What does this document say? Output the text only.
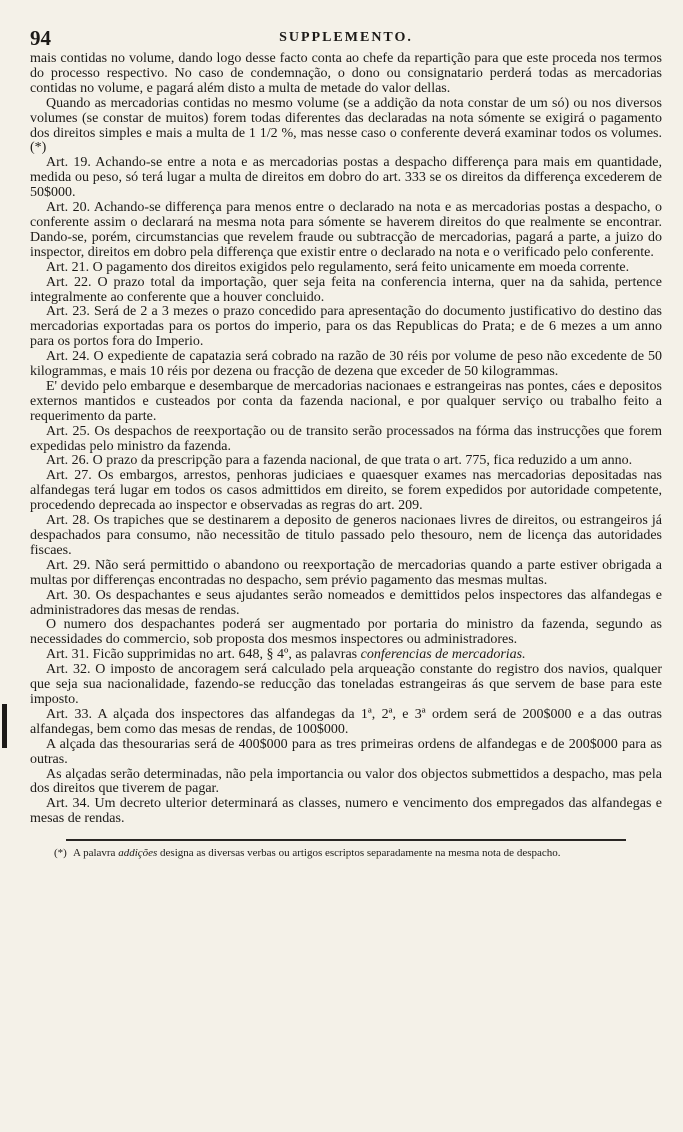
94	SUPPLEMENTO.

mais contidas no volume, dando logo desse facto conta ao chefe da repartição para que este proceda nos termos do processo respectivo. No caso de condemnação, o dono ou consignatario perderá todas as mercadorias contidas no volume, e pagará além disto a multa de metade do valor dellas.

Quando as mercadorias contidas no mesmo volume (se a addição da nota constar de um só) ou nos diversos volumes (se constar de muitos) forem todas diferentes das declaradas na nota sómente se exigirá o pagamento dos direitos simples e mais a multa de 1 1/2 %, mas nesse caso o conferente deverá examinar todos os volumes. (*)

Art. 19. Achando-se entre a nota e as mercadorias postas a despacho differença para mais em quantidade, medida ou peso, só terá lugar a multa de direitos em dobro do art. 333 se os direitos da differença excederem de 50$000.

Art. 20. Achando-se differença para menos entre o declarado na nota e as mercadorias postas a despacho, o conferente assim o declarará na mesma nota para sómente se haverem direitos do que realmente se encontrar. Dando-se, porém, circumstancias que revelem fraude ou subtracção de mercadorias, pagará a parte, a juizo do inspector, direitos em dobro pela differença que existir entre o declarado na nota e o verificado pelo conferente.

Art. 21. O pagamento dos direitos exigidos pelo regulamento, será feito unicamente em moeda corrente.

Art. 22. O prazo total da importação, quer seja feita na conferencia interna, quer na da sahida, pertence integralmente ao conferente que a houver concluido.

Art. 23. Será de 2 a 3 mezes o prazo concedido para apresentação do documento justificativo do destino das mercadorias exportadas para os portos do imperio, para os das Republicas do Prata; e de 6 mezes a um anno para os portos fora do Imperio.

Art. 24. O expediente de capatazia será cobrado na razão de 30 réis por volume de peso não excedente de 50 kilogrammas, e mais 10 réis por dezena ou fracção de dezena que exceder de 50 kilogrammas.

E' devido pelo embarque e desembarque de mercadorias nacionaes e estrangeiras nas pontes, cáes e depositos externos mantidos e custeados por conta da fazenda nacional, e por qualquer serviço ou trabalho feito a requerimento da parte.

Art. 25. Os despachos de reexportação ou de transito serão processados na fórma das instrucções que forem expedidas pelo ministro da fazenda.

Art. 26. O prazo da prescripção para a fazenda nacional, de que trata o art. 775, fica reduzido a um anno.

Art. 27. Os embargos, arrestos, penhoras judiciaes e quaesquer exames nas mercadorias depositadas nas alfandegas terá lugar em todos os casos admittidos em direito, se forem expedidos por autoridade competente, procedendo deprecada ao inspector e observadas as regras do art. 209.

Art. 28. Os trapiches que se destinarem a deposito de generos nacionaes livres de direitos, ou estrangeiros já despachados para consumo, não necessitão de titulo passado pelo thesouro, nem de licença das autoridades fiscaes.

Art. 29. Não será permittido o abandono ou reexportação de mercadorias quando a parte estiver obrigada a multas por differenças encontradas no despacho, sem prévio pagamento das mesmas multas.

Art. 30. Os despachantes e seus ajudantes serão nomeados e demittidos pelos inspectores das alfandegas e administradores das mesas de rendas.

O numero dos despachantes poderá ser augmentado por portaria do ministro da fazenda, segundo as necessidades do commercio, sob proposta dos mesmos inspectores ou administradores.

Art. 31. Ficão supprimidas no art. 648, § 4º, as palavras conferencias de mercadorias.

Art. 32. O imposto de ancoragem será calculado pela arqueação constante do registro dos navios, qualquer que seja sua nacionalidade, fazendo-se reducção das toneladas estrangeiras ás que servem de base para este imposto.

Art. 33. A alçada dos inspectores das alfandegas da 1ª, 2ª, e 3ª ordem será de 200$000 e a das outras alfandegas, bem como das mesas de rendas, de 100$000.

A alçada das thesourarias será de 400$000 para as tres primeiras ordens de alfandegas e de 200$000 para as outras.

As alçadas serão determinadas, não pela importancia ou valor dos objectos submettidos a despacho, mas pela dos direitos que tiverem de pagar.

Art. 34. Um decreto ulterior determinará as classes, numero e vencimento dos empregados das alfandegas e mesas de rendas.

(*) A palavra addições designa as diversas verbas ou artigos escriptos separadamente na mesma nota de despacho.
